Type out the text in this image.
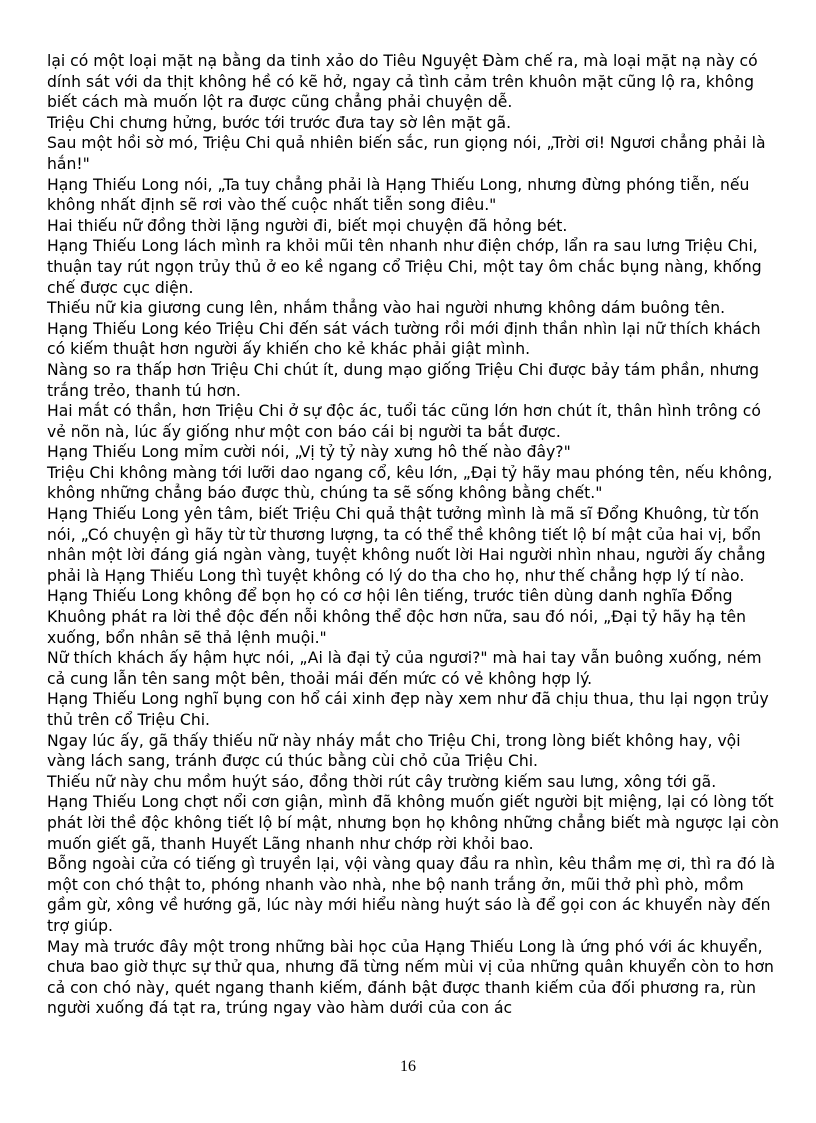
lại có một loại mặt nạ bằng da tinh xảo do Tiêu Nguyệt Đàm chế ra, mà loại mặt nạ này có dính sát với da thịt không hề có kẽ hở, ngay cả tình cảm trên khuôn mặt cũng lộ ra, không biết cách mà muốn lột ra được cũng chẳng phải chuyện dễ.

Triệu Chi chưng hửng, bước tới trước đưa tay sờ lên mặt gã.

Sau một hồi sờ mó, Triệu Chi quả nhiên biến sắc, run giọng nói, „Trời ơi! Ngươi chẳng phải là hắn!"

Hạng Thiếu Long nói, „Ta tuy chẳng phải là Hạng Thiếu Long, nhưng đừng phóng tiễn, nếu không nhất định sẽ rơi vào thế cuộc nhất tiễn song điêu."

Hai thiếu nữ đồng thời lặng người đi, biết mọi chuyện đã hỏng bét.

Hạng Thiếu Long lách mình ra khỏi mũi tên nhanh như điện chớp, lẩn ra sau lưng Triệu Chi, thuận tay rút ngọn trủy thủ ở eo kề ngang cổ Triệu Chi, một tay ôm chắc bụng nàng, khống chế được cục diện.

Thiếu nữ kia giương cung lên, nhắm thẳng vào hai người nhưng không dám buông tên.

Hạng Thiếu Long kéo Triệu Chi đến sát vách tường rồi mới định thần nhìn lại nữ thích khách có kiếm thuật hơn người ấy khiến cho kẻ khác phải giật mình.

Nàng so ra thấp hơn Triệu Chi chút ít, dung mạo giống Triệu Chi được bảy tám phần, nhưng trắng trẻo, thanh tú hơn.

Hai mắt có thần, hơn Triệu Chi ở sự độc ác, tuổi tác cũng lớn hơn chút ít, thân hình trông có vẻ nõn nà, lúc ấy giống như một con báo cái bị người ta bắt được.

Hạng Thiếu Long mỉm cười nói, „Vị tỷ tỷ này xưng hô thế nào đây?"

Triệu Chi không màng tới lưỡi dao ngang cổ, kêu lớn, „Đại tỷ hãy mau phóng tên, nếu không, không những chẳng báo được thù, chúng ta sẽ sống không bằng chết."

Hạng Thiếu Long yên tâm, biết Triệu Chi quả thật tưởng mình là mã sĩ Đổng Khuông, từ tốn nói, „Có chuyện gì hãy từ từ thương lượng, ta có thể thề không tiết lộ bí mật của hai vị, bổn nhân một lời đáng giá ngàn vàng, tuyệt không nuốt lời Hai người nhìn nhau, người ấy chẳng phải là Hạng Thiếu Long thì tuyệt không có lý do tha cho họ, như thế chẳng hợp lý tí nào.

Hạng Thiếu Long không để bọn họ có cơ hội lên tiếng, trước tiên dùng danh nghĩa Đổng Khuông phát ra lời thề độc đến nỗi không thể độc hơn nữa, sau đó nói, „Đại tỷ hãy hạ tên xuống, bổn nhân sẽ thả lệnh muội."

Nữ thích khách ấy hậm hực nói, „Ai là đại tỷ của ngươi?" mà hai tay vẫn buông xuống, ném cả cung lẫn tên sang một bên, thoải mái đến mức có vẻ không hợp lý.

Hạng Thiếu Long nghĩ bụng con hổ cái xinh đẹp này xem như đã chịu thua, thu lại ngọn trủy thủ trên cổ Triệu Chi.

Ngay lúc ấy, gã thấy thiếu nữ này nháy mắt cho Triệu Chi, trong lòng biết không hay, vội vàng lách sang, tránh được cú thúc bằng cùi chỏ của Triệu Chi.

Thiếu nữ này chu mồm huýt sáo, đồng thời rút cây trường kiếm sau lưng, xông tới gã.

Hạng Thiếu Long chợt nổi cơn giận, mình đã không muốn giết người bịt miệng, lại có lòng tốt phát lời thề độc không tiết lộ bí mật, nhưng bọn họ không những chẳng biết mà ngược lại còn muốn giết gã, thanh Huyết Lãng nhanh như chớp rời khỏi bao.

Bỗng ngoài cửa có tiếng gì truyền lại, vội vàng quay đầu ra nhìn, kêu thầm mẹ ơi, thì ra đó là một con chó thật to, phóng nhanh vào nhà, nhe bộ nanh trắng ởn, mũi thở phì phò, mồm gầm gừ, xông về hướng gã, lúc này mới hiểu nàng huýt sáo là để gọi con ác khuyển này đến trợ giúp.

May mà trước đây một trong những bài học của Hạng Thiếu Long là ứng phó với ác khuyển, chưa bao giờ thực sự thử qua, nhưng đã từng nếm mùi vị của những quân khuyển còn to hơn cả con chó này, quét ngang thanh kiếm, đánh bật được thanh kiếm của đối phương ra, rùn người xuống đá tạt ra, trúng ngay vào hàm dưới của con ác

16
